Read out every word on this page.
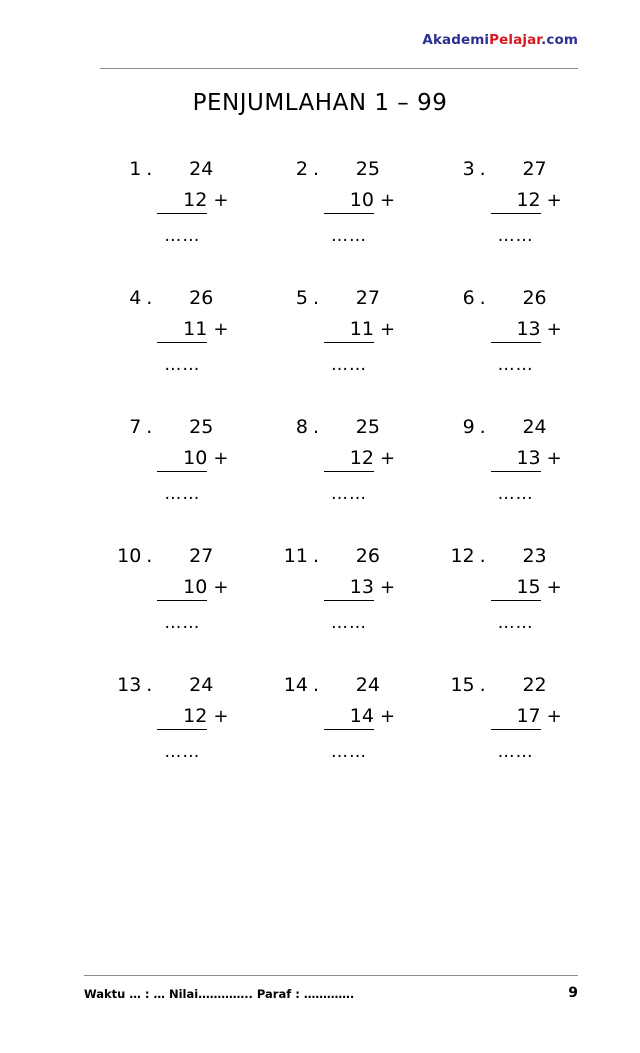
AkademiPelajar.com
PENJUMLAHAN 1 – 99
1 .	24
12 +
……
2 .	25
10 +
……
3 .	27
12 +
……
4 .	26
11 +
……
5 .	27
11 +
……
6 .	26
13 +
……
7 .	25
10 +
……
8 .	25
12 +
……
9 .	24
13 +
……
10 .	27
10 +
……
11 .	26
13 +
……
12 .	23
15 +
……
13 .	24
12 +
……
14 .	24
14 +
……
15 .	22
17 +
……
Waktu … : … Nilai………….. Paraf : ………….	9
